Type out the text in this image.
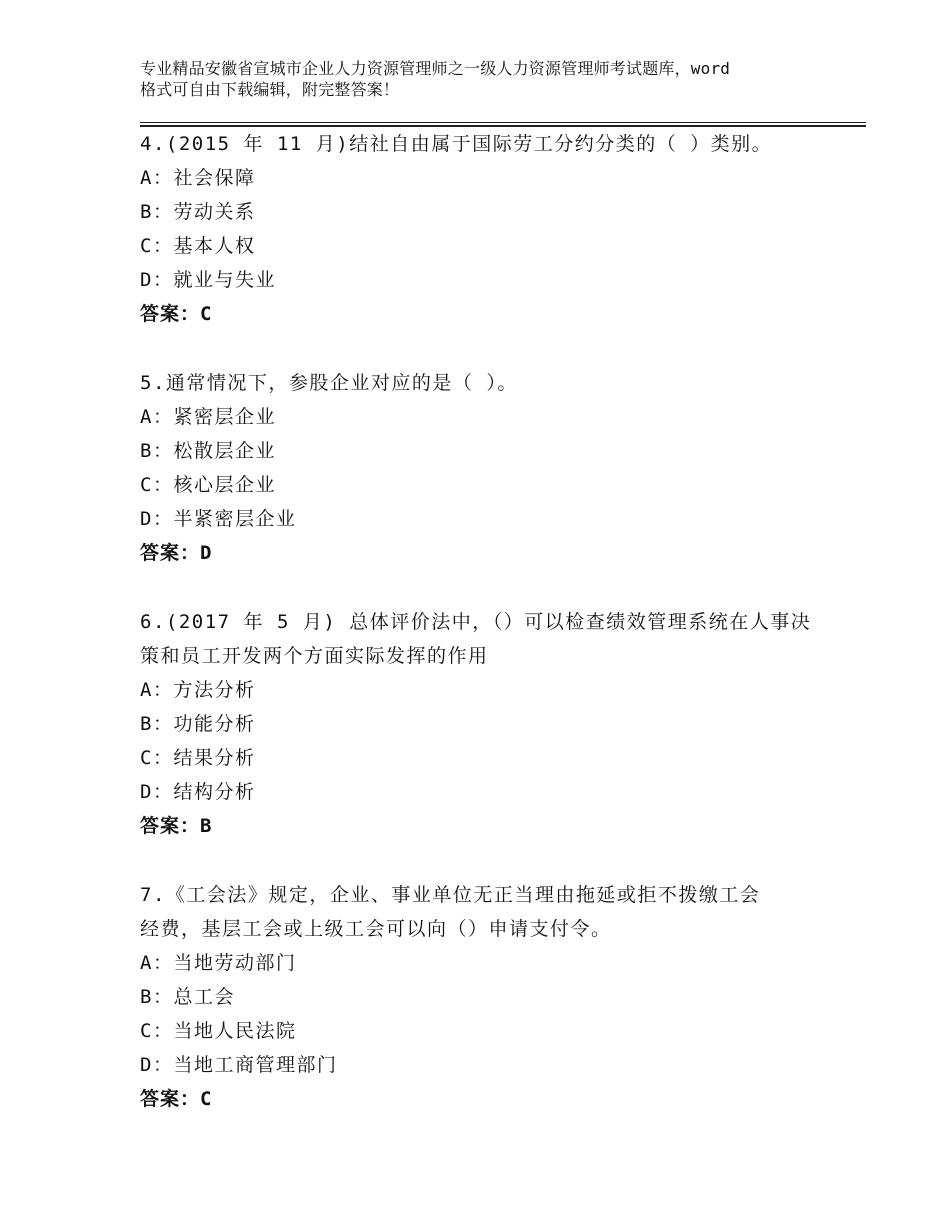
专业精品安徽省宣城市企业人力资源管理师之一级人力资源管理师考试题库，word
格式可自由下载编辑，附完整答案！
4.(2015 年 11 月)结社自由属于国际劳工分约分类的（ ）类别。
A：社会保障
B：劳动关系
C：基本人权
D：就业与失业
答案：C
5.通常情况下，参股企业对应的是（ ）。
A：紧密层企业
B：松散层企业
C：核心层企业
D：半紧密层企业
答案：D
6.(2017 年 5 月) 总体评价法中，（）可以检查绩效管理系统在人事决
策和员工开发两个方面实际发挥的作用
A：方法分析
B：功能分析
C：结果分析
D：结构分析
答案：B
7.《工会法》规定，企业、事业单位无正当理由拖延或拒不拨缴工会
经费，基层工会或上级工会可以向（）申请支付令。
A：当地劳动部门
B：总工会
C：当地人民法院
D：当地工商管理部门
答案：C
